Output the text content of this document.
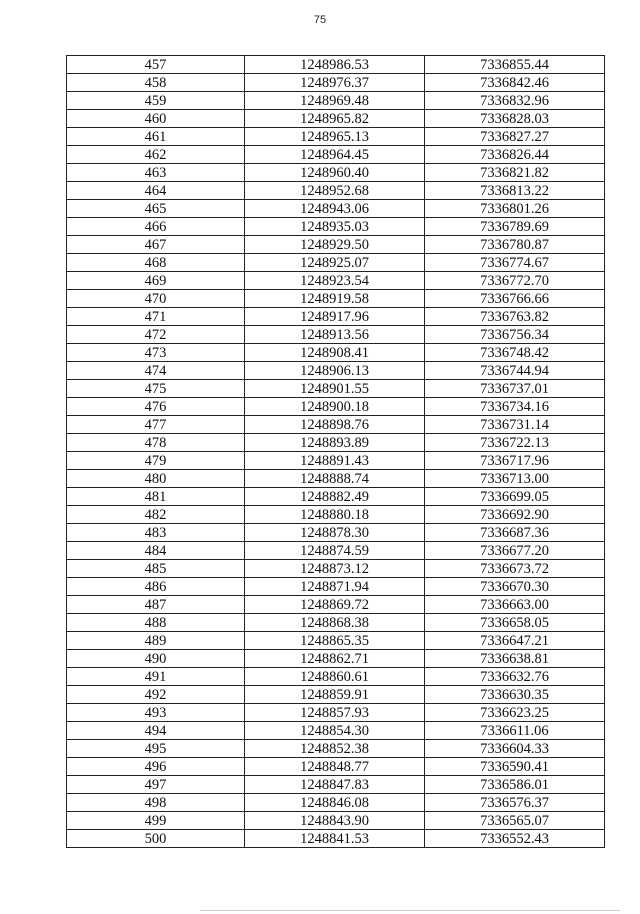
75
457	1248986.53	7336855.44
458	1248976.37	7336842.46
459	1248969.48	7336832.96
460	1248965.82	7336828.03
461	1248965.13	7336827.27
462	1248964.45	7336826.44
463	1248960.40	7336821.82
464	1248952.68	7336813.22
465	1248943.06	7336801.26
466	1248935.03	7336789.69
467	1248929.50	7336780.87
468	1248925.07	7336774.67
469	1248923.54	7336772.70
470	1248919.58	7336766.66
471	1248917.96	7336763.82
472	1248913.56	7336756.34
473	1248908.41	7336748.42
474	1248906.13	7336744.94
475	1248901.55	7336737.01
476	1248900.18	7336734.16
477	1248898.76	7336731.14
478	1248893.89	7336722.13
479	1248891.43	7336717.96
480	1248888.74	7336713.00
481	1248882.49	7336699.05
482	1248880.18	7336692.90
483	1248878.30	7336687.36
484	1248874.59	7336677.20
485	1248873.12	7336673.72
486	1248871.94	7336670.30
487	1248869.72	7336663.00
488	1248868.38	7336658.05
489	1248865.35	7336647.21
490	1248862.71	7336638.81
491	1248860.61	7336632.76
492	1248859.91	7336630.35
493	1248857.93	7336623.25
494	1248854.30	7336611.06
495	1248852.38	7336604.33
496	1248848.77	7336590.41
497	1248847.83	7336586.01
498	1248846.08	7336576.37
499	1248843.90	7336565.07
500	1248841.53	7336552.43
